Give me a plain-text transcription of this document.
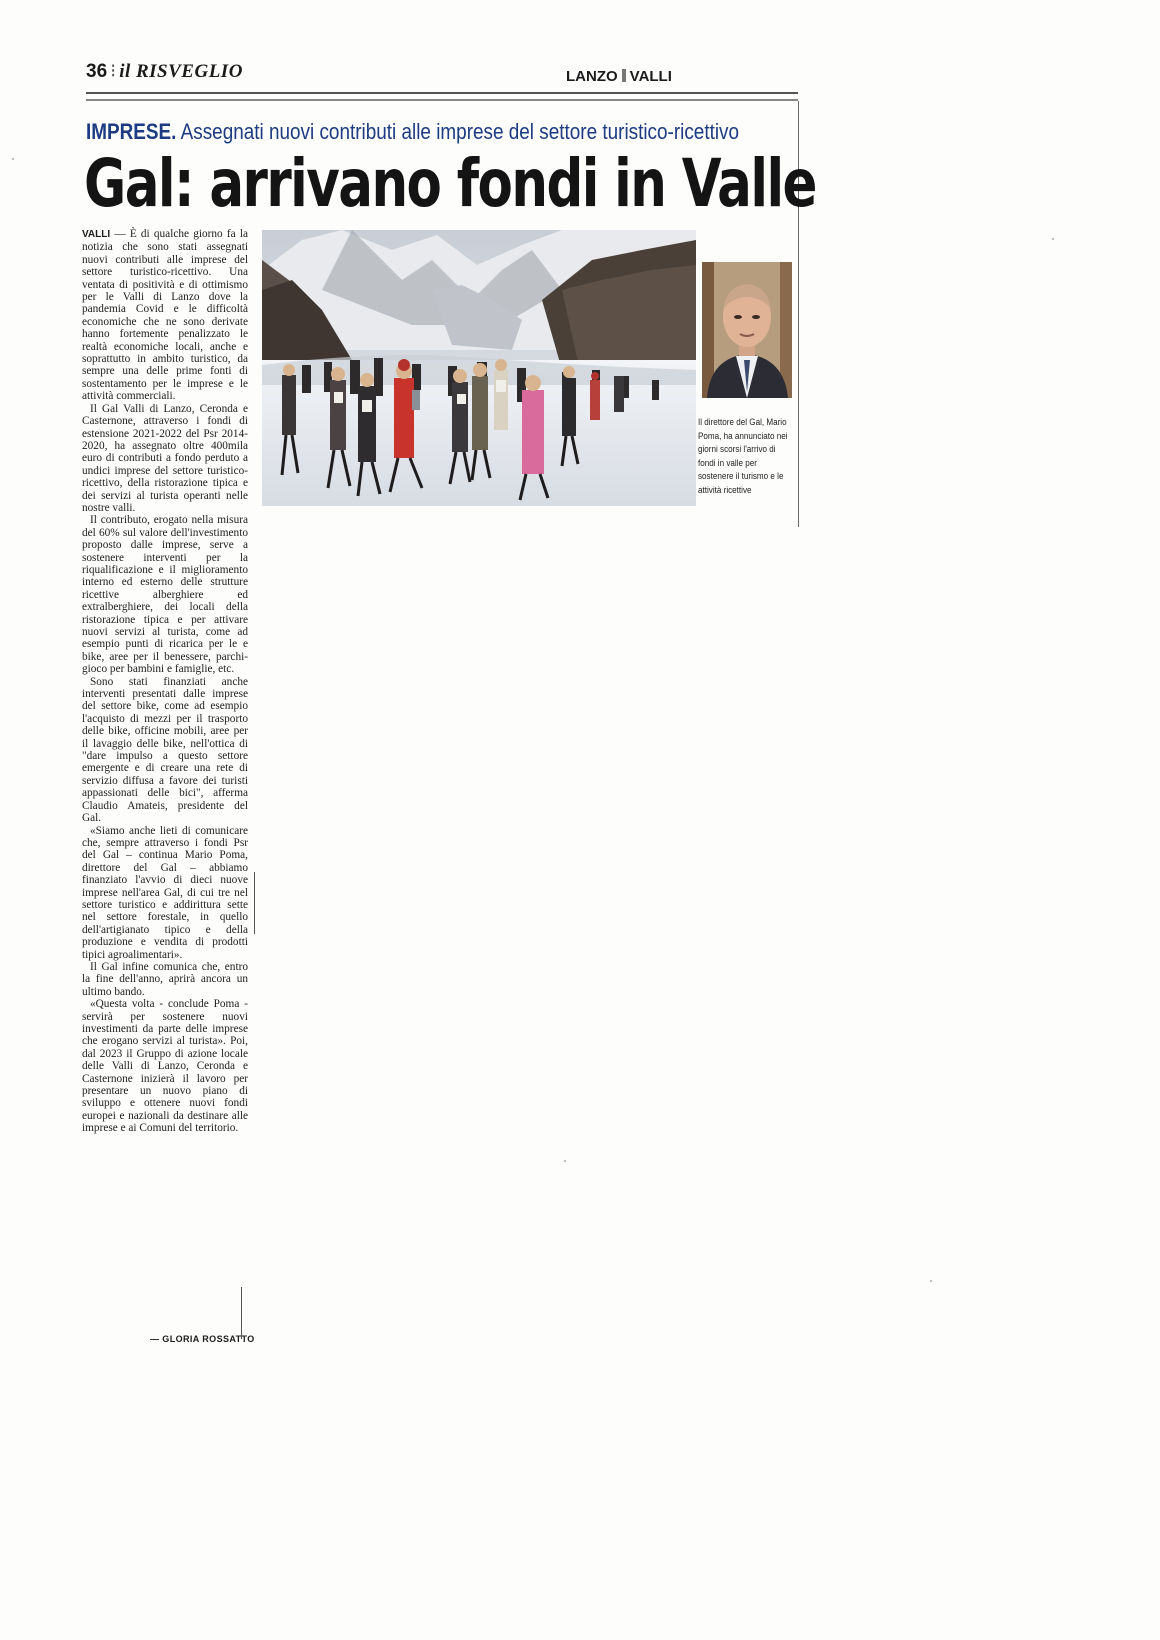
36 ⁝ il RISVEGLIO	LANZO VALLI
IMPRESE. Assegnati nuovi contributi alle imprese del settore turistico-ricettivo
Gal: arrivano fondi in Valle

VALLI — È di qualche giorno fa la notizia che sono stati assegnati nuovi contributi alle imprese del settore turistico-ricettivo. Una ventata di positività e di ottimismo per le Valli di Lanzo dove la pandemia Covid e le difficoltà economiche che ne sono derivate hanno fortemente penalizzato le realtà economiche locali, anche e soprattutto in ambito turistico, da sempre una delle prime fonti di sostentamento per le imprese e le attività commerciali.

Il Gal Valli di Lanzo, Ceronda e Casternone, attraverso i fondi di estensione 2021-2022 del Psr 2014-2020, ha assegnato oltre 400mila euro di contributi a fondo perduto a undici imprese del settore turistico-ricettivo, della ristorazione tipica e dei servizi al turista operanti nelle nostre valli.

Il contributo, erogato nella misura del 60% sul valore dell'investimento proposto dalle imprese, serve a sostenere interventi per la riqualificazione e il miglioramento interno ed esterno delle strutture ricettive alberghiere ed extralberghiere, dei locali della ristorazione tipica e per attivare nuovi servizi al turista, come ad esempio punti di ricarica per le e bike, aree per il benessere, parchi-gioco per bambini e famiglie, etc.

Sono stati finanziati anche interventi presentati dalle imprese del settore bike, come ad esempio l'acquisto di mezzi per il trasporto delle bike, officine mobili, aree per il lavaggio delle bike, nell'ottica di "dare impulso a questo settore emergente e di creare una rete di servizio diffusa a favore dei turisti appassionati delle bici", afferma Claudio Amateis, presidente del Gal.

«Siamo anche lieti di comunicare che, sempre attraverso i fondi Psr del Gal – continua Mario Poma, direttore del Gal – abbiamo finanziato l'avvio di dieci nuove imprese nell'area Gal, di cui tre nel settore turistico e addirittura sette nel settore forestale, in quello dell'artigianato tipico e della produzione e vendita di prodotti tipici agroalimentari».

Il Gal infine comunica che, entro la fine dell'anno, aprirà ancora un ultimo bando.

«Questa volta - conclude Poma - servirà per sostenere nuovi investimenti da parte delle imprese che erogano servizi al turista». Poi, dal 2023 il Gruppo di azione locale delle Valli di Lanzo, Ceronda e Casternone inizierà il lavoro per presentare un nuovo piano di sviluppo e ottenere nuovi fondi europei e nazionali da destinare alle imprese e ai Comuni del territorio.

— GLORIA ROSSATTO
Il direttore del Gal, Mario Poma, ha annunciato nei giorni scorsi l'arrivo di fondi in valle per sostenere il turismo e le attività ricettive
